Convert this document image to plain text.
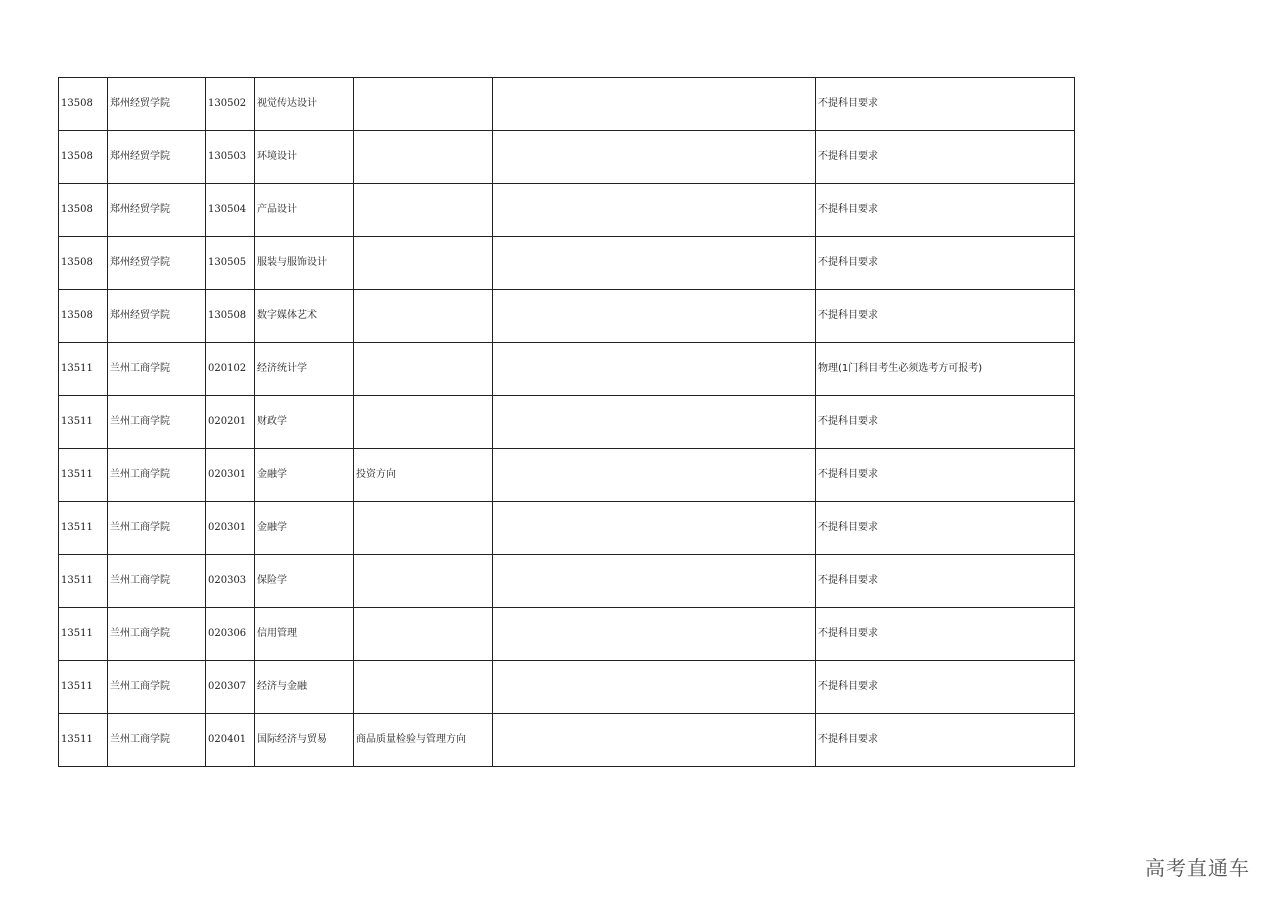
13508	郑州经贸学院	130502	视觉传达设计			不提科目要求
13508	郑州经贸学院	130503	环境设计			不提科目要求
13508	郑州经贸学院	130504	产品设计			不提科目要求
13508	郑州经贸学院	130505	服装与服饰设计			不提科目要求
13508	郑州经贸学院	130508	数字媒体艺术			不提科目要求
13511	兰州工商学院	020102	经济统计学			物理(1门科目考生必须选考方可报考)
13511	兰州工商学院	020201	财政学			不提科目要求
13511	兰州工商学院	020301	金融学	投资方向		不提科目要求
13511	兰州工商学院	020301	金融学			不提科目要求
13511	兰州工商学院	020303	保险学			不提科目要求
13511	兰州工商学院	020306	信用管理			不提科目要求
13511	兰州工商学院	020307	经济与金融			不提科目要求
13511	兰州工商学院	020401	国际经济与贸易	商品质量检验与管理方向		不提科目要求
高考直通车
